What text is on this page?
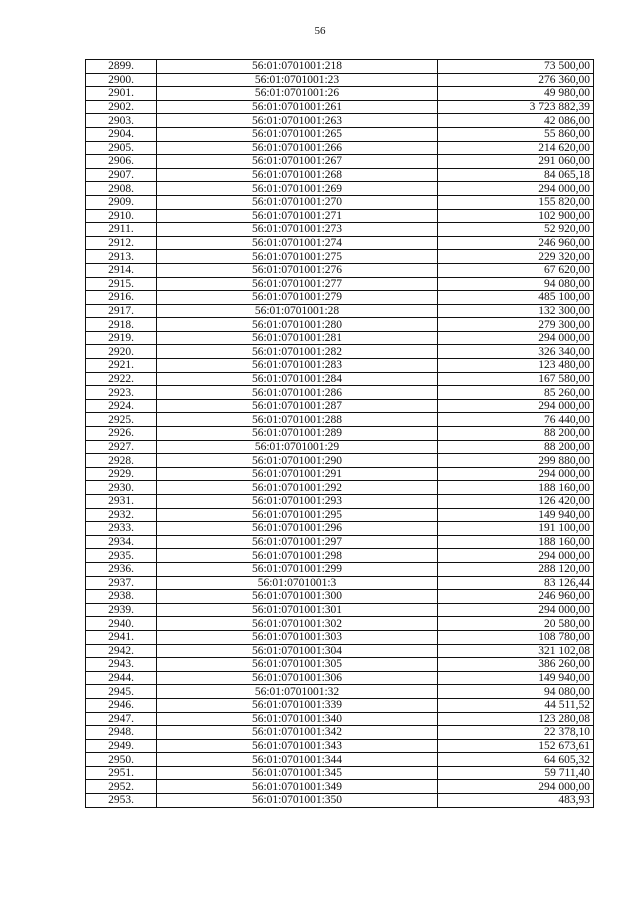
56
2899.	56:01:0701001:218	73 500,00
2900.	56:01:0701001:23	276 360,00
2901.	56:01:0701001:26	49 980,00
2902.	56:01:0701001:261	3 723 882,39
2903.	56:01:0701001:263	42 086,00
2904.	56:01:0701001:265	55 860,00
2905.	56:01:0701001:266	214 620,00
2906.	56:01:0701001:267	291 060,00
2907.	56:01:0701001:268	84 065,18
2908.	56:01:0701001:269	294 000,00
2909.	56:01:0701001:270	155 820,00
2910.	56:01:0701001:271	102 900,00
2911.	56:01:0701001:273	52 920,00
2912.	56:01:0701001:274	246 960,00
2913.	56:01:0701001:275	229 320,00
2914.	56:01:0701001:276	67 620,00
2915.	56:01:0701001:277	94 080,00
2916.	56:01:0701001:279	485 100,00
2917.	56:01:0701001:28	132 300,00
2918.	56:01:0701001:280	279 300,00
2919.	56:01:0701001:281	294 000,00
2920.	56:01:0701001:282	326 340,00
2921.	56:01:0701001:283	123 480,00
2922.	56:01:0701001:284	167 580,00
2923.	56:01:0701001:286	85 260,00
2924.	56:01:0701001:287	294 000,00
2925.	56:01:0701001:288	76 440,00
2926.	56:01:0701001:289	88 200,00
2927.	56:01:0701001:29	88 200,00
2928.	56:01:0701001:290	299 880,00
2929.	56:01:0701001:291	294 000,00
2930.	56:01:0701001:292	188 160,00
2931.	56:01:0701001:293	126 420,00
2932.	56:01:0701001:295	149 940,00
2933.	56:01:0701001:296	191 100,00
2934.	56:01:0701001:297	188 160,00
2935.	56:01:0701001:298	294 000,00
2936.	56:01:0701001:299	288 120,00
2937.	56:01:0701001:3	83 126,44
2938.	56:01:0701001:300	246 960,00
2939.	56:01:0701001:301	294 000,00
2940.	56:01:0701001:302	20 580,00
2941.	56:01:0701001:303	108 780,00
2942.	56:01:0701001:304	321 102,08
2943.	56:01:0701001:305	386 260,00
2944.	56:01:0701001:306	149 940,00
2945.	56:01:0701001:32	94 080,00
2946.	56:01:0701001:339	44 511,52
2947.	56:01:0701001:340	123 280,08
2948.	56:01:0701001:342	22 378,10
2949.	56:01:0701001:343	152 673,61
2950.	56:01:0701001:344	64 605,32
2951.	56:01:0701001:345	59 711,40
2952.	56:01:0701001:349	294 000,00
2953.	56:01:0701001:350	483,93
